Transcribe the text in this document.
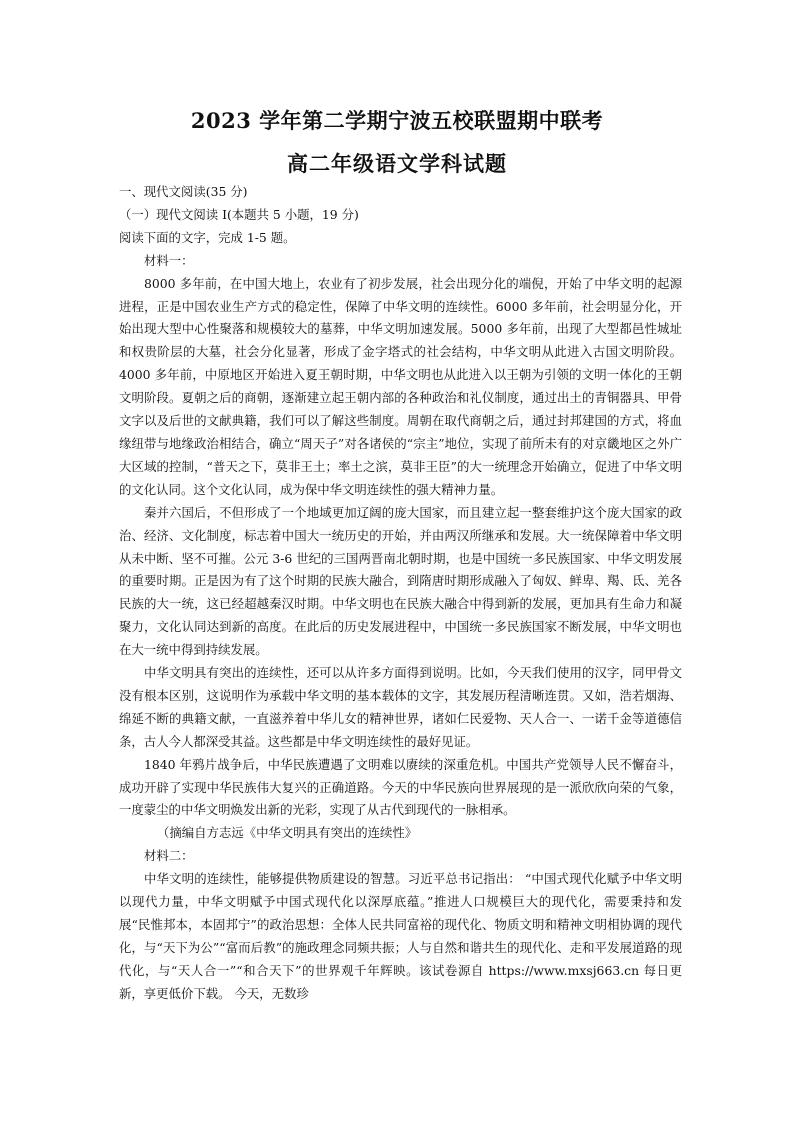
2023 学年第二学期宁波五校联盟期中联考
高二年级语文学科试题

一、现代文阅读(35 分)

（一）现代文阅读 I(本题共 5 小题，19 分)

阅读下面的文字，完成 1-5 题。

材料一：

8000 多年前，在中国大地上，农业有了初步发展，社会出现分化的端倪，开始了中华文明的起源进程，正是中国农业生产方式的稳定性，保障了中华文明的连续性。6000 多年前，社会明显分化，开始出现大型中心性聚落和规模较大的墓葬，中华文明加速发展。5000 多年前，出现了大型都邑性城址和权贵阶层的大墓，社会分化显著，形成了金字塔式的社会结构，中华文明从此进入古国文明阶段。4000 多年前，中原地区开始进入夏王朝时期，中华文明也从此进入以王朝为引领的文明一体化的王朝文明阶段。夏朝之后的商朝，逐渐建立起王朝内部的各种政治和礼仪制度，通过出土的青铜器具、甲骨文字以及后世的文献典籍，我们可以了解这些制度。周朝在取代商朝之后，通过封邦建国的方式，将血缘纽带与地缘政治相结合，确立“周天子”对各诸侯的“宗主”地位，实现了前所未有的对京畿地区之外广大区域的控制，“普天之下，莫非王土；率土之滨，莫非王臣”的大一统理念开始确立，促进了中华文明的文化认同。这个文化认同，成为保中华文明连续性的强大精神力量。

秦并六国后，不但形成了一个地域更加辽阔的庞大国家，而且建立起一整套维护这个庞大国家的政治、经济、文化制度，标志着中国大一统历史的开始，并由两汉所继承和发展。大一统保障着中华文明从未中断、坚不可摧。公元 3-6 世纪的三国两晋南北朝时期，也是中国统一多民族国家、中华文明发展的重要时期。正是因为有了这个时期的民族大融合，到隋唐时期形成融入了匈奴、鲜卑、羯、氐、羌各民族的大一统，这已经超越秦汉时期。中华文明也在民族大融合中得到新的发展，更加具有生命力和凝聚力，文化认同达到新的高度。在此后的历史发展进程中，中国统一多民族国家不断发展，中华文明也在大一统中得到持续发展。

中华文明具有突出的连续性，还可以从许多方面得到说明。比如，今天我们使用的汉字，同甲骨文没有根本区别，这说明作为承载中华文明的基本载体的文字，其发展历程清晰连贯。又如，浩若烟海、绵延不断的典籍文献，一直滋养着中华儿女的精神世界，诸如仁民爱物、天人合一、一诺千金等道德信条，古人今人都深受其益。这些都是中华文明连续性的最好见证。

1840 年鸦片战争后，中华民族遭遇了文明难以赓续的深重危机。中国共产党领导人民不懈奋斗，成功开辟了实现中华民族伟大复兴的正确道路。今天的中华民族向世界展现的是一派欣欣向荣的气象，一度蒙尘的中华文明焕发出新的光彩，实现了从古代到现代的一脉相承。

（摘编自方志远《中华文明具有突出的连续性》

材料二：

中华文明的连续性，能够提供物质建设的智慧。习近平总书记指出： “中国式现代化赋予中华文明以现代力量，中华文明赋予中国式现代化以深厚底蕴。”推进人口规模巨大的现代化，需要秉持和发展“民惟邦本，本固邦宁”的政治思想：全体人民共同富裕的现代化、物质文明和精神文明相协调的现代化，与“天下为公”“富而后教”的施政理念同频共振；人与自然和谐共生的现代化、走和平发展道路的现代化，与“天人合一”“和合天下”的世界观千年辉映。该试卷源自 https://www.mxsj663.cn 每日更新，享更低价下载。 今天，无数珍
